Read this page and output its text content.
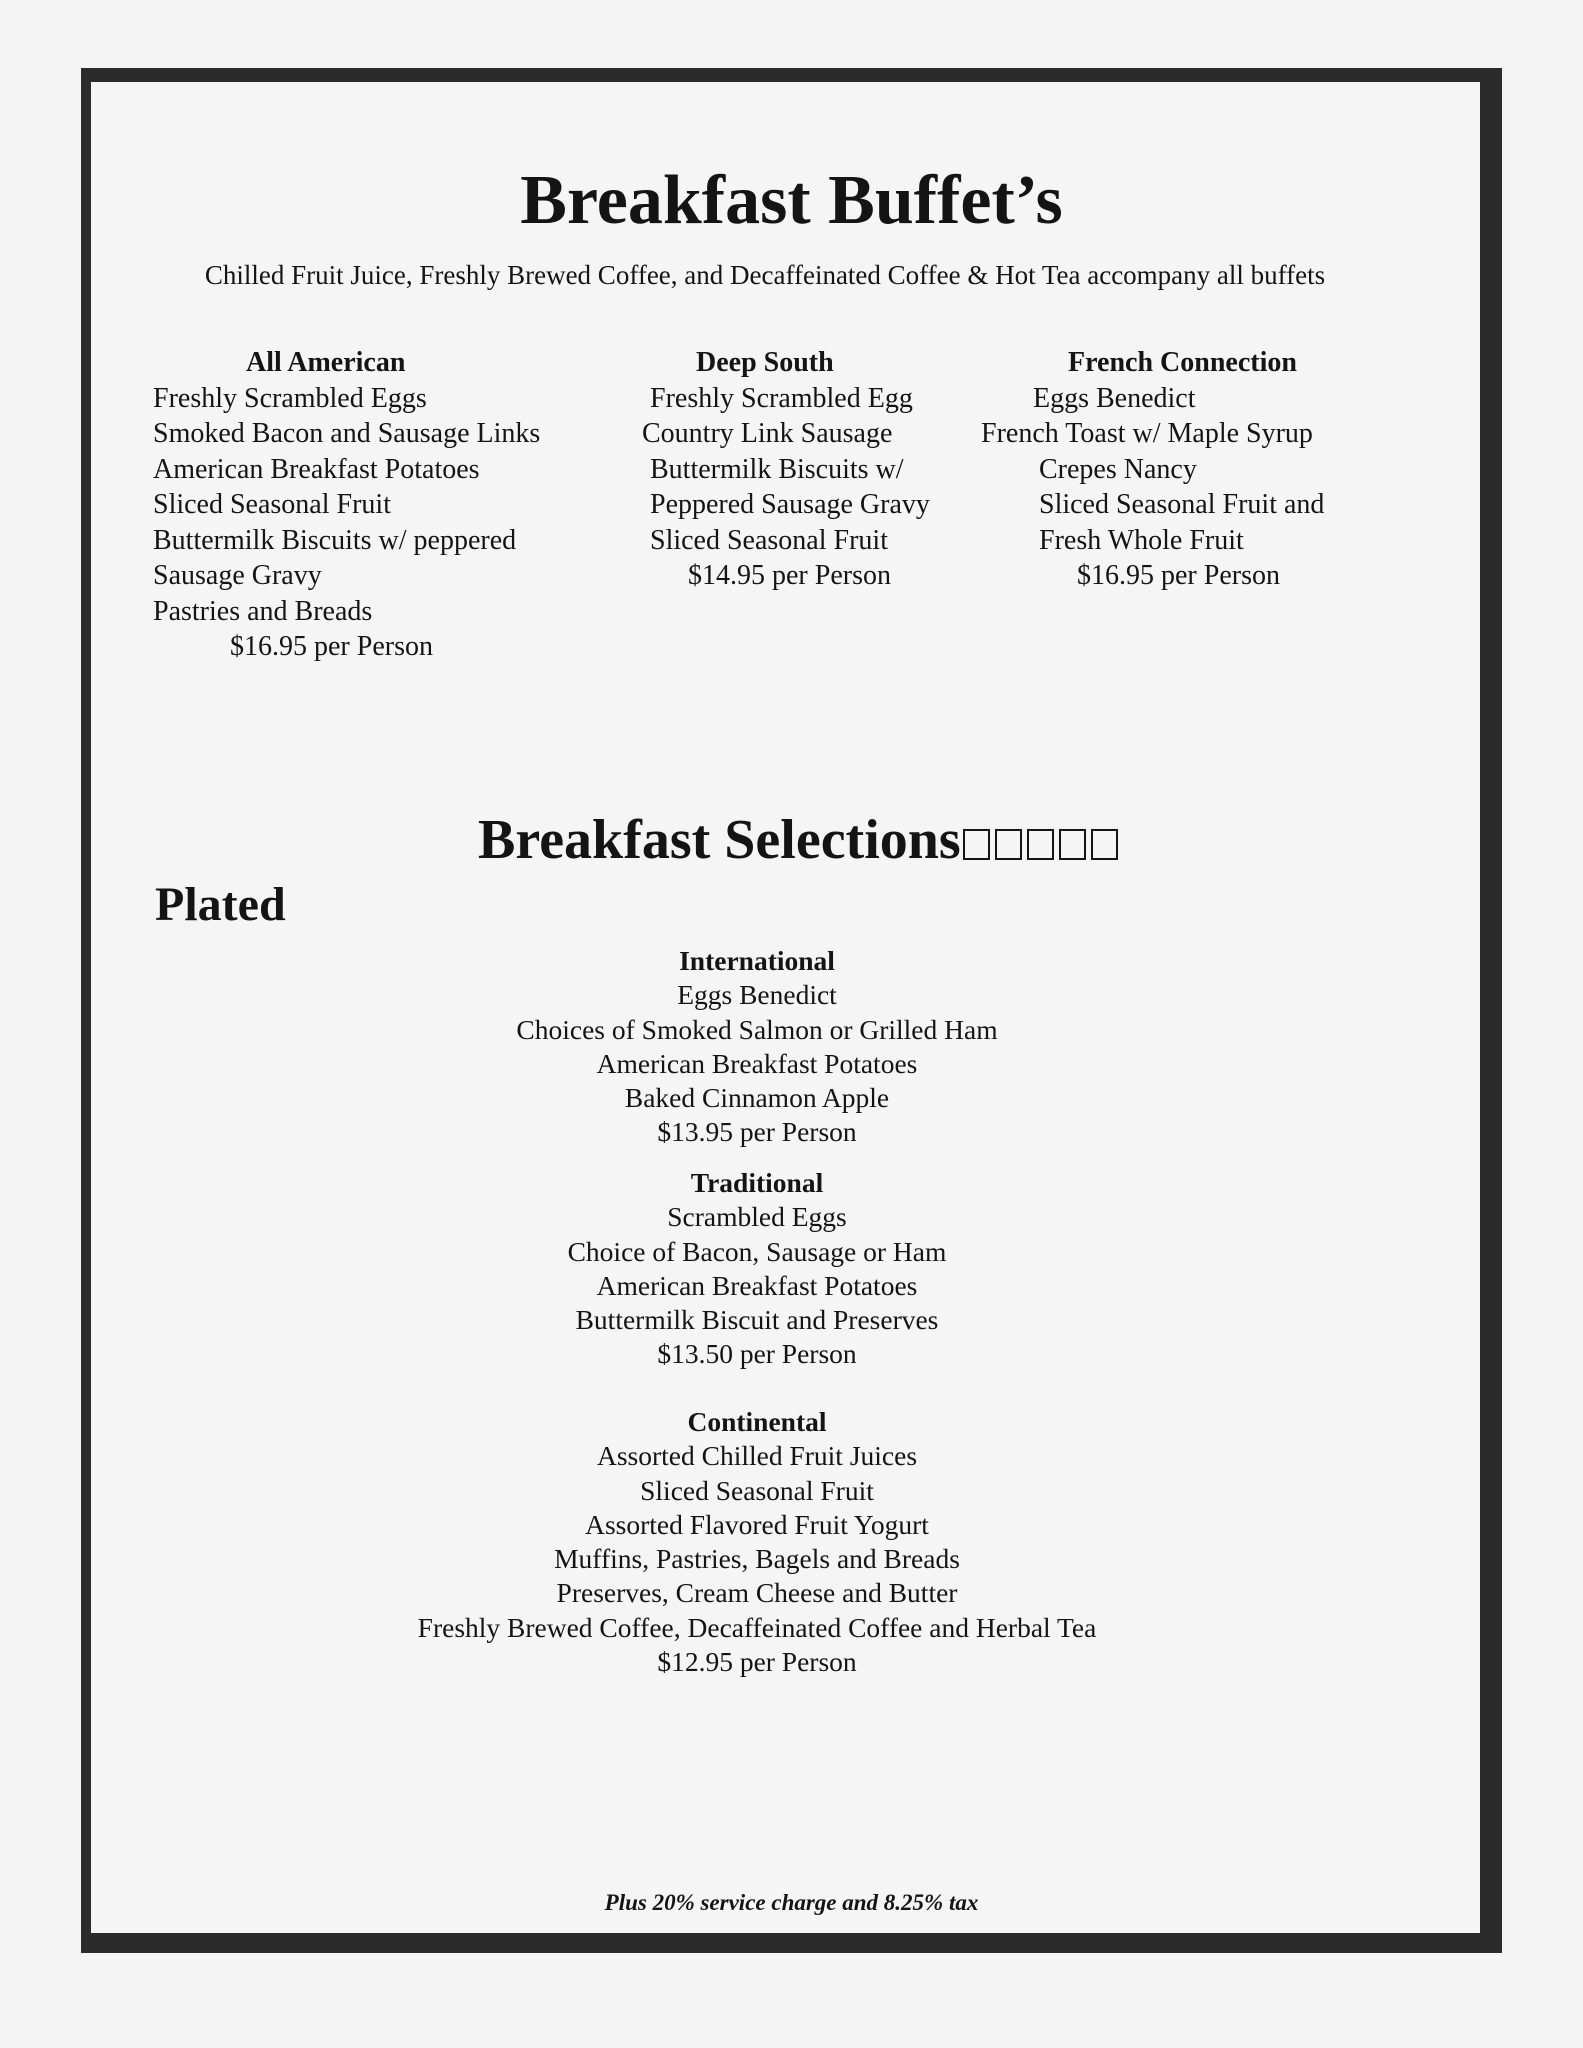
Breakfast Buffet’s
Chilled Fruit Juice, Freshly Brewed Coffee, and Decaffeinated Coffee & Hot Tea accompany all buffets
All American
Freshly Scrambled Eggs
Smoked Bacon and Sausage Links
American Breakfast Potatoes
Sliced Seasonal Fruit
Buttermilk Biscuits w/ peppered
Sausage Gravy
Pastries and Breads
$16.95 per Person
Deep South
Freshly Scrambled Egg
Country Link Sausage
Buttermilk Biscuits w/
Peppered Sausage Gravy
Sliced Seasonal Fruit
$14.95 per Person
French Connection
Eggs Benedict
French Toast w/ Maple Syrup
Crepes Nancy
Sliced Seasonal Fruit and
Fresh Whole Fruit
$16.95 per Person
Breakfast Selections
Plated
International
Eggs Benedict
Choices of Smoked Salmon or Grilled Ham
American Breakfast Potatoes
Baked Cinnamon Apple
$13.95 per Person
Traditional
Scrambled Eggs
Choice of Bacon, Sausage or Ham
American Breakfast Potatoes
Buttermilk Biscuit and Preserves
$13.50 per Person
Continental
Assorted Chilled Fruit Juices
Sliced Seasonal Fruit
Assorted Flavored Fruit Yogurt
Muffins, Pastries, Bagels and Breads
Preserves, Cream Cheese and Butter
Freshly Brewed Coffee, Decaffeinated Coffee and Herbal Tea
$12.95 per Person
Plus 20% service charge and 8.25% tax
